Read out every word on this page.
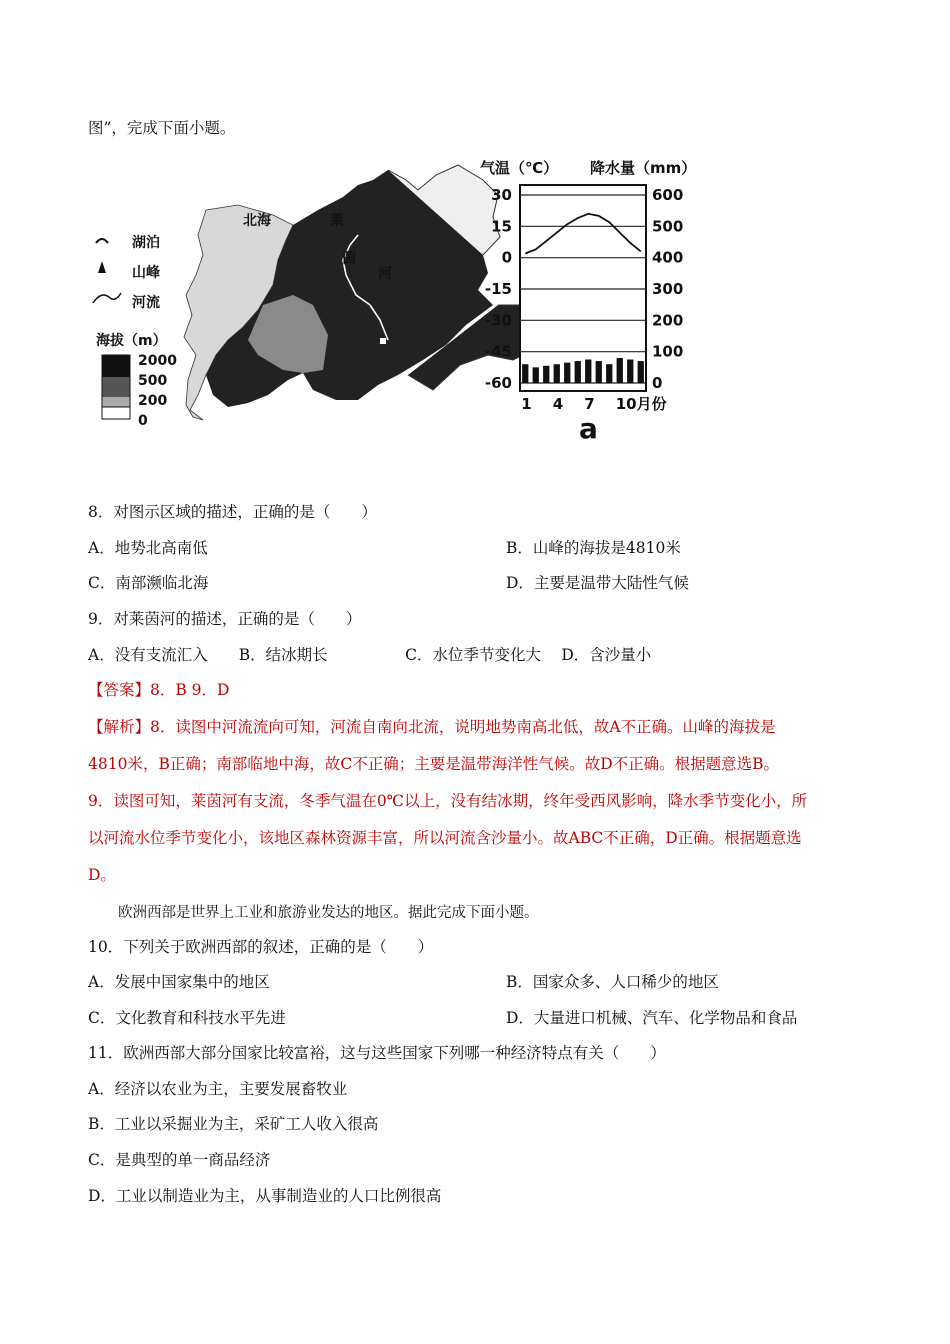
图”，完成下面小题。
北海	莱
茵
河
湖泊
山峰
河流
海拔（m）
2000
500
200
0
气温（℃） 降水量（mm）
30
15
0
-15
-30
-45
-60
600
500
400
300
200
100
0
1 4 7 10月份
a
8．对图示区域的描述，正确的是（　　）
A．地势北高南低	B．山峰的海拔是4810米
C．南部濒临北海	D．主要是温带大陆性气候
9．对莱茵河的描述，正确的是（　　）
A．没有支流汇入　　B．结冰期长　　　　　C．水位季节变化大　 D．含沙量小
【答案】8．B 9．D
【解析】8．读图中河流流向可知，河流自南向北流，说明地势南高北低，故A不正确。山峰的海拔是
4810米，B正确；南部临地中海，故C不正确；主要是温带海洋性气候。故D不正确。根据题意选B。
9．读图可知，莱茵河有支流，冬季气温在0℃以上，没有结冰期，终年受西风影响，降水季节变化小，所
以河流水位季节变化小，该地区森林资源丰富，所以河流含沙量小。故ABC不正确，D正确。根据题意选
D。
欧洲西部是世界上工业和旅游业发达的地区。据此完成下面小题。
10．下列关于欧洲西部的叙述，正确的是（　　）
A．发展中国家集中的地区	B．国家众多、人口稀少的地区
C．文化教育和科技水平先进	D．大量进口机械、汽车、化学物品和食品
11．欧洲西部大部分国家比较富裕，这与这些国家下列哪一种经济特点有关（　　）
A．经济以农业为主，主要发展畜牧业
B．工业以采掘业为主，采矿工人收入很高
C．是典型的单一商品经济
D．工业以制造业为主，从事制造业的人口比例很高
